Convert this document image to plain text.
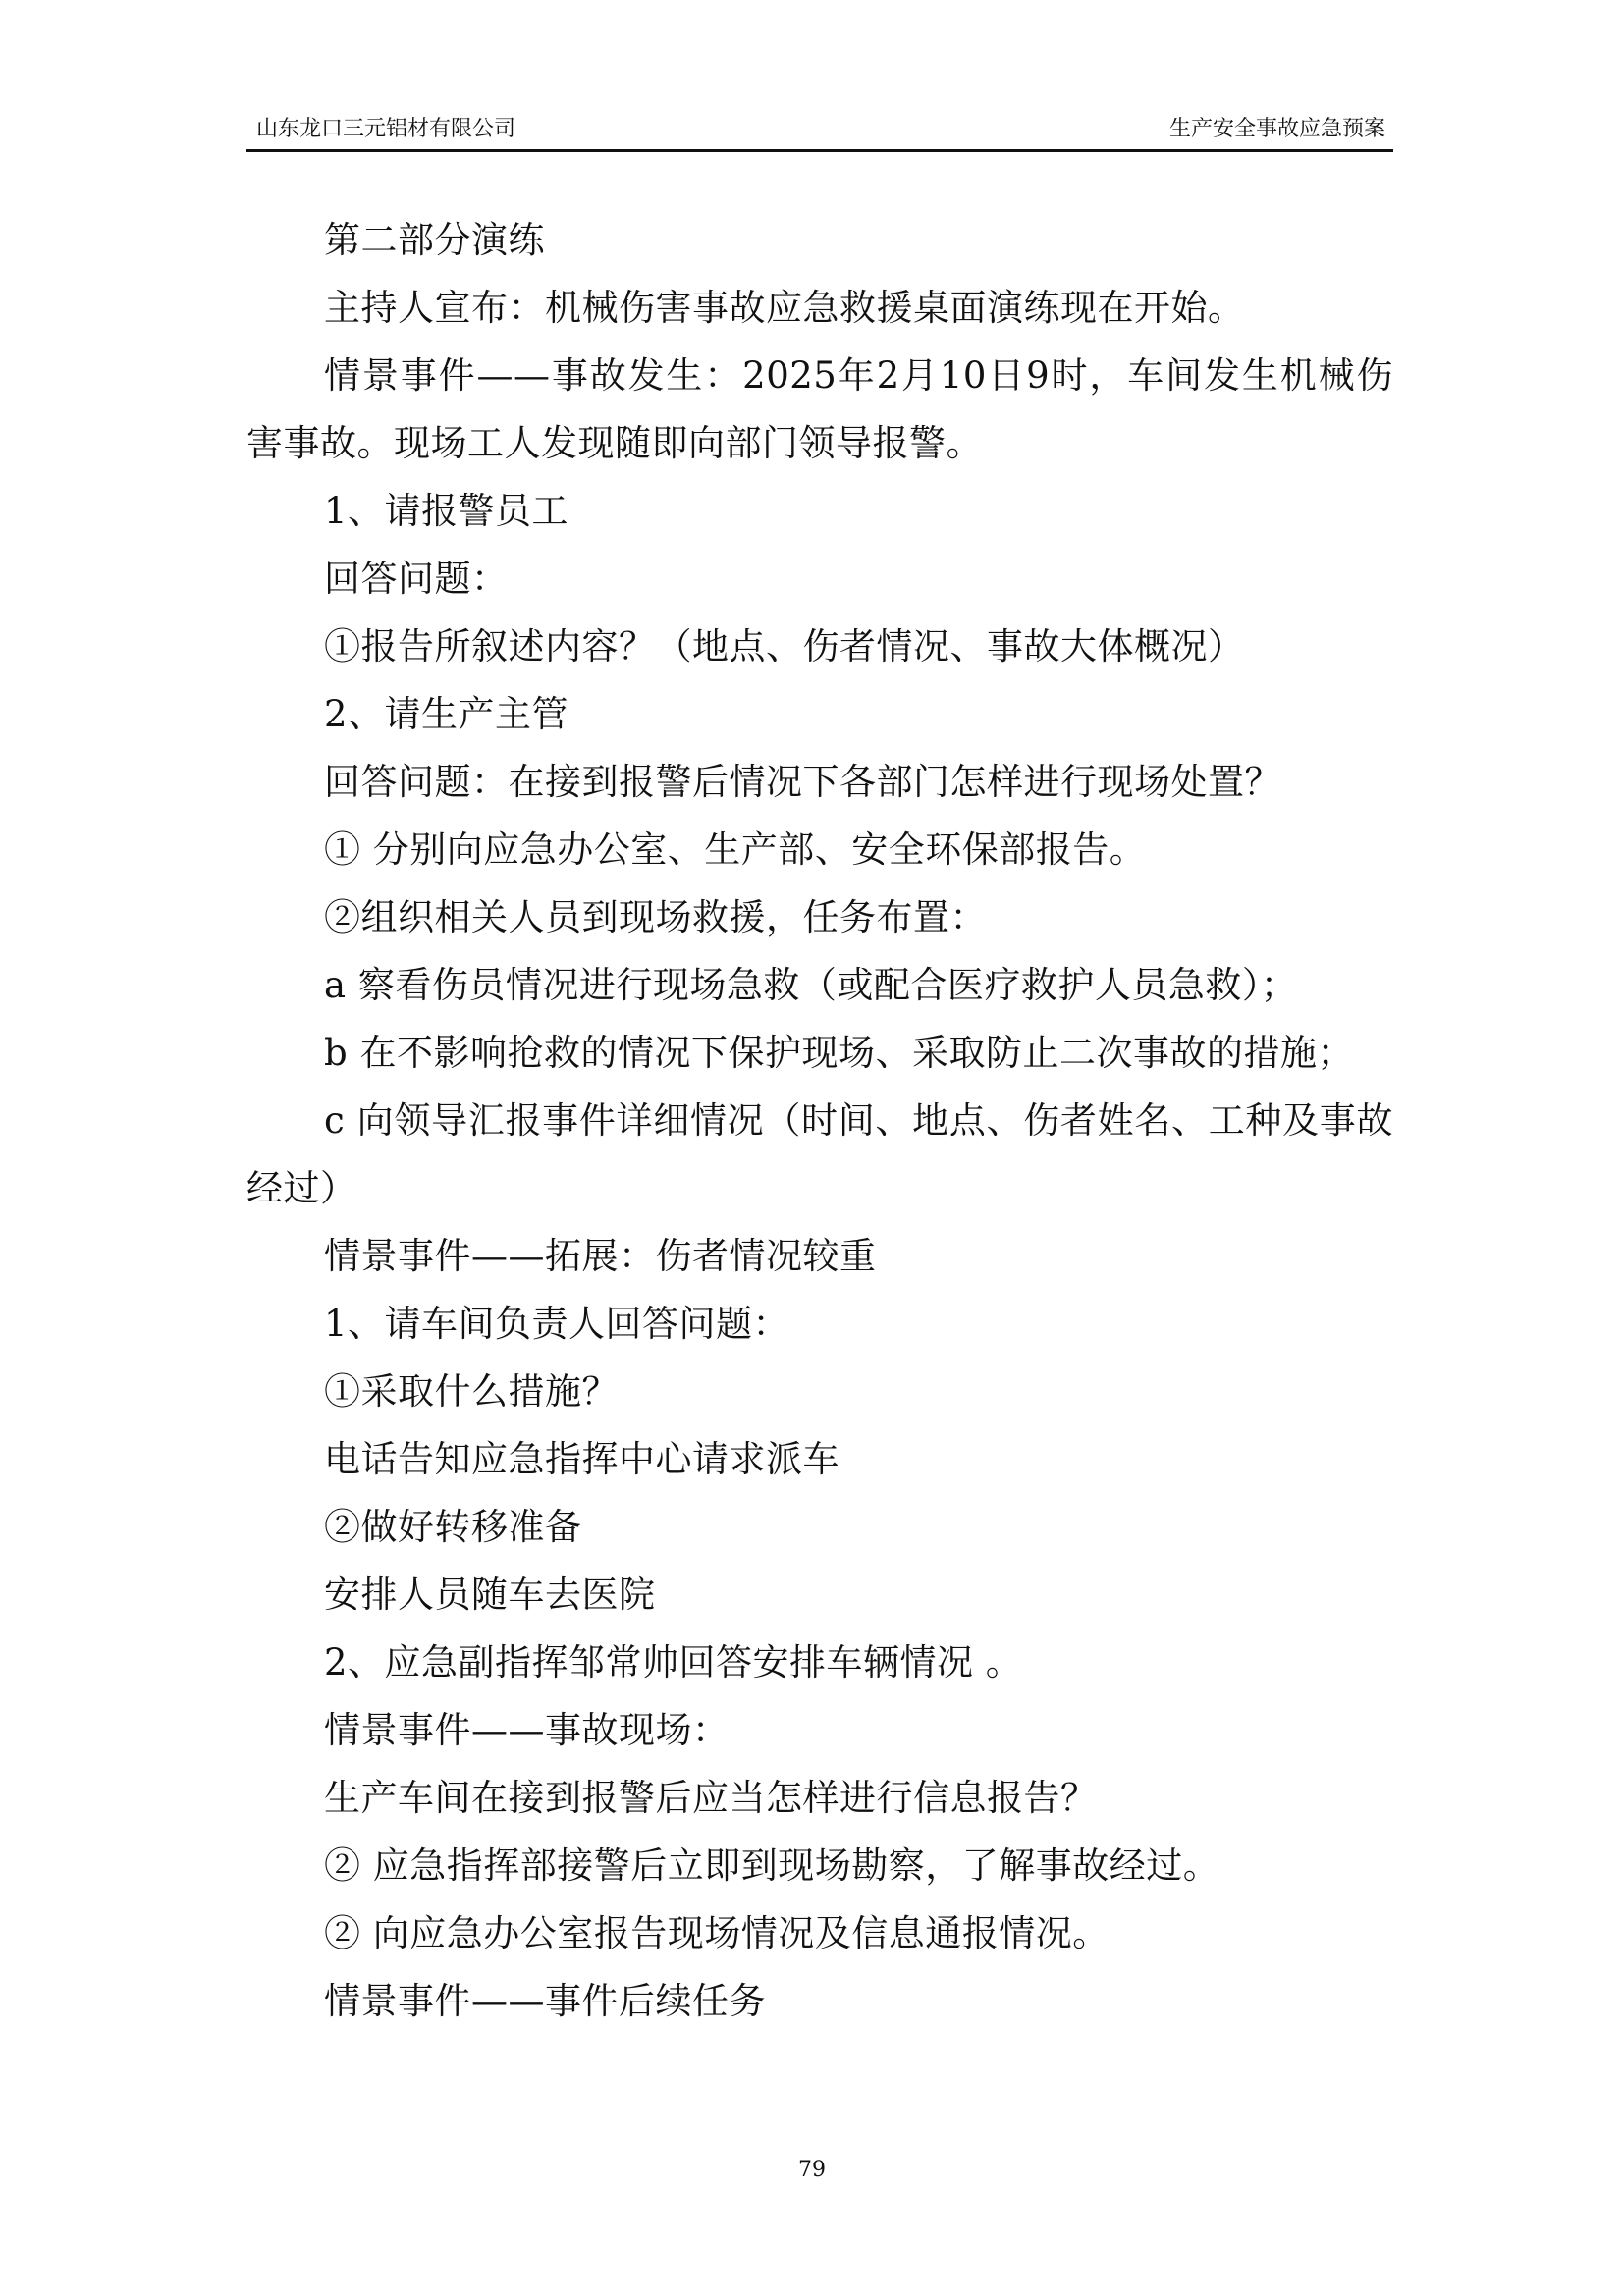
山东龙口三元铝材有限公司	生产安全事故应急预案

第二部分演练

主持人宣布：机械伤害事故应急救援桌面演练现在开始。

情景事件——事故发生：2025年2月10日9时，车间发生机械伤害事故。现场工人发现随即向部门领导报警。

1、请报警员工

回答问题：

①报告所叙述内容？（地点、伤者情况、事故大体概况）

2、请生产主管

回答问题：在接到报警后情况下各部门怎样进行现场处置？

① 分别向应急办公室、生产部、安全环保部报告。

②组织相关人员到现场救援，任务布置：

a 察看伤员情况进行现场急救（或配合医疗救护人员急救）；

b 在不影响抢救的情况下保护现场、采取防止二次事故的措施；

c 向领导汇报事件详细情况（时间、地点、伤者姓名、工种及事故经过）

情景事件——拓展：伤者情况较重

1、请车间负责人回答问题：

①采取什么措施？

电话告知应急指挥中心请求派车

②做好转移准备

安排人员随车去医院

2、应急副指挥邹常帅回答安排车辆情况 。

情景事件——事故现场：

生产车间在接到报警后应当怎样进行信息报告？

② 应急指挥部接警后立即到现场勘察，了解事故经过。

② 向应急办公室报告现场情况及信息通报情况。

情景事件——事件后续任务

79
